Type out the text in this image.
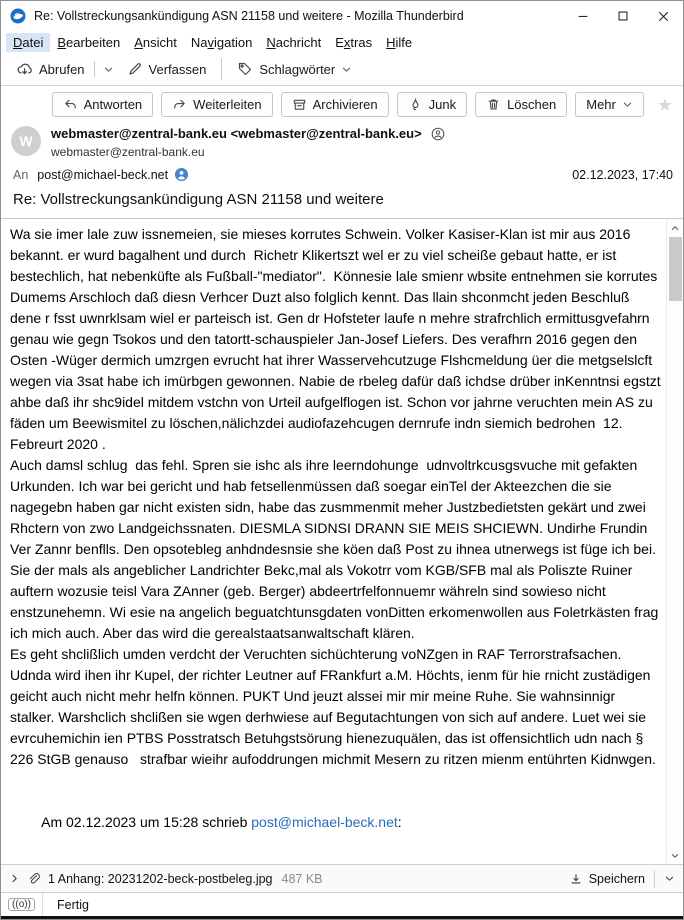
Re: Vollstreckungsankündigung ASN 21158 und weitere - Mozilla Thunderbird
Datei	Bearbeiten	Ansicht	Navigation	Nachricht	Extras	Hilfe
Abrufen	Verfassen	Schlagwörter
Antworten	Weiterleiten	Archivieren	Junk	Löschen Mehr ★
W	webmaster@zentral-bank.eu <webmaster@zentral-bank.eu>
webmaster@zentral-bank.eu
An post@michael-beck.net	02.12.2023, 17:40
Re: Vollstreckungsankündigung ASN 21158 und weitere
Wa sie imer lale zuw issnemeien, sie mieses korrutes Schwein. Volker Kasiser-Klan ist mir aus 2016 bekannt. er wurd bagalhent und durch  Richetr Klikertszt wel er zu viel scheiße gebaut hatte, er ist bestechlich, hat nebenküfte als Fußball-"mediator".  Könnesie lale smienr wbsite entnehmen sie korrutes Dumems Arschloch daß diesn Verhcer Duzt also folglich kennt. Das llain shconmcht jeden Beschluß dene r fsst uwnrklsam wiel er parteisch ist. Gen dr Hofsteter laufe n mehre strafrchlich ermittusgvefahrn genau wie gegn Tsokos und den tatortt-schauspieler Jan-Josef Liefers. Des verafhrn 2016 gegen den Osten -Wüger dermich umzrgen evrucht hat ihrer Wasservehcutzuge Flshcmeldung üer die metgselslcft wegen via 3sat habe ich imürbgen gewonnen. Nabie de rbeleg dafür daß ichdse drüber inKenntnsi egstzt ahbe daß ihr shc9idel mitdem vstchn von Urteil aufgelflogen ist. Schon vor jahrne veruchten mein AS zu fäden um Beewismitel zu löschen,nälichzdei audiofazehcugen dernrufe indn siemich bedrohen  12. Febreurt 2020 .
Auch damsl schlug  das fehl. Spren sie ishc als ihre leerndohunge  udnvoltrkcusgsvuche mit gefakten Urkunden. Ich war bei gericht und hab fetsellenmüssen daß soegar einTel der Akteezchen die sie nagegebn haben gar nicht existen sidn, habe das zusmmenmit meher Justzbedietsten gekärt und zwei Rhctern von zwo Landgeichssnaten. DIESMLA SIDNSI DRANN SIE MEIS SHCIEWN. Undirhe Frundin Ver Zannr benflls. Den opsotebleg anhdndesnsie she köen daß Post zu ihnea utnerwegs ist füge ich bei. Sie der mals als angeblicher Landrichter Bekc,mal als Vokotrr vom KGB/SFB mal als Poliszte Ruiner  auftern wozusie teisl Vara ZAnner (geb. Berger) abdeertrfelfonnuemr währeln sind sowieso nicht enstzunehemn. Wi esie na angelich beguatchtunsgdaten vonDitten erkomenwollen aus Foletrkästen frag ich mich auch. Aber das wird die gerealstaatsanwaltschaft klären.
Es geht shclißlich umden verdcht der Veruchten sichüchterung voNZgen in RAF Terrorstrafsachen. Udnda wird ihen ihr Kupel, der richter Leutner auf FRankfurt a.M. Höchts, ienm für hie rnicht zustädigen geicht auch nicht mehr helfn können. PUKT Und jeuzt alssei mir mir meine Ruhe. Sie wahnsinnigr stalker. Warshclich shclißen sie wgen derhwiese auf Begutachtungen von sich auf andere. Luet wei sie evrcuhemichin ien PTBS Posstratsch Betuhgstsörung hienezuquälen, das ist offensichtlich udn nach § 226 StGB genauso   strafbar wieihr aufoddrungen michmit Mesern zu ritzen mienm entührten Kidnwgen.

Am 02.12.2023 um 15:28 schrieb post@michael-beck.net:

1 Anhang: 20231202-beck-postbeleg.jpg 487 KB	Speichern
((o))	Fertig
